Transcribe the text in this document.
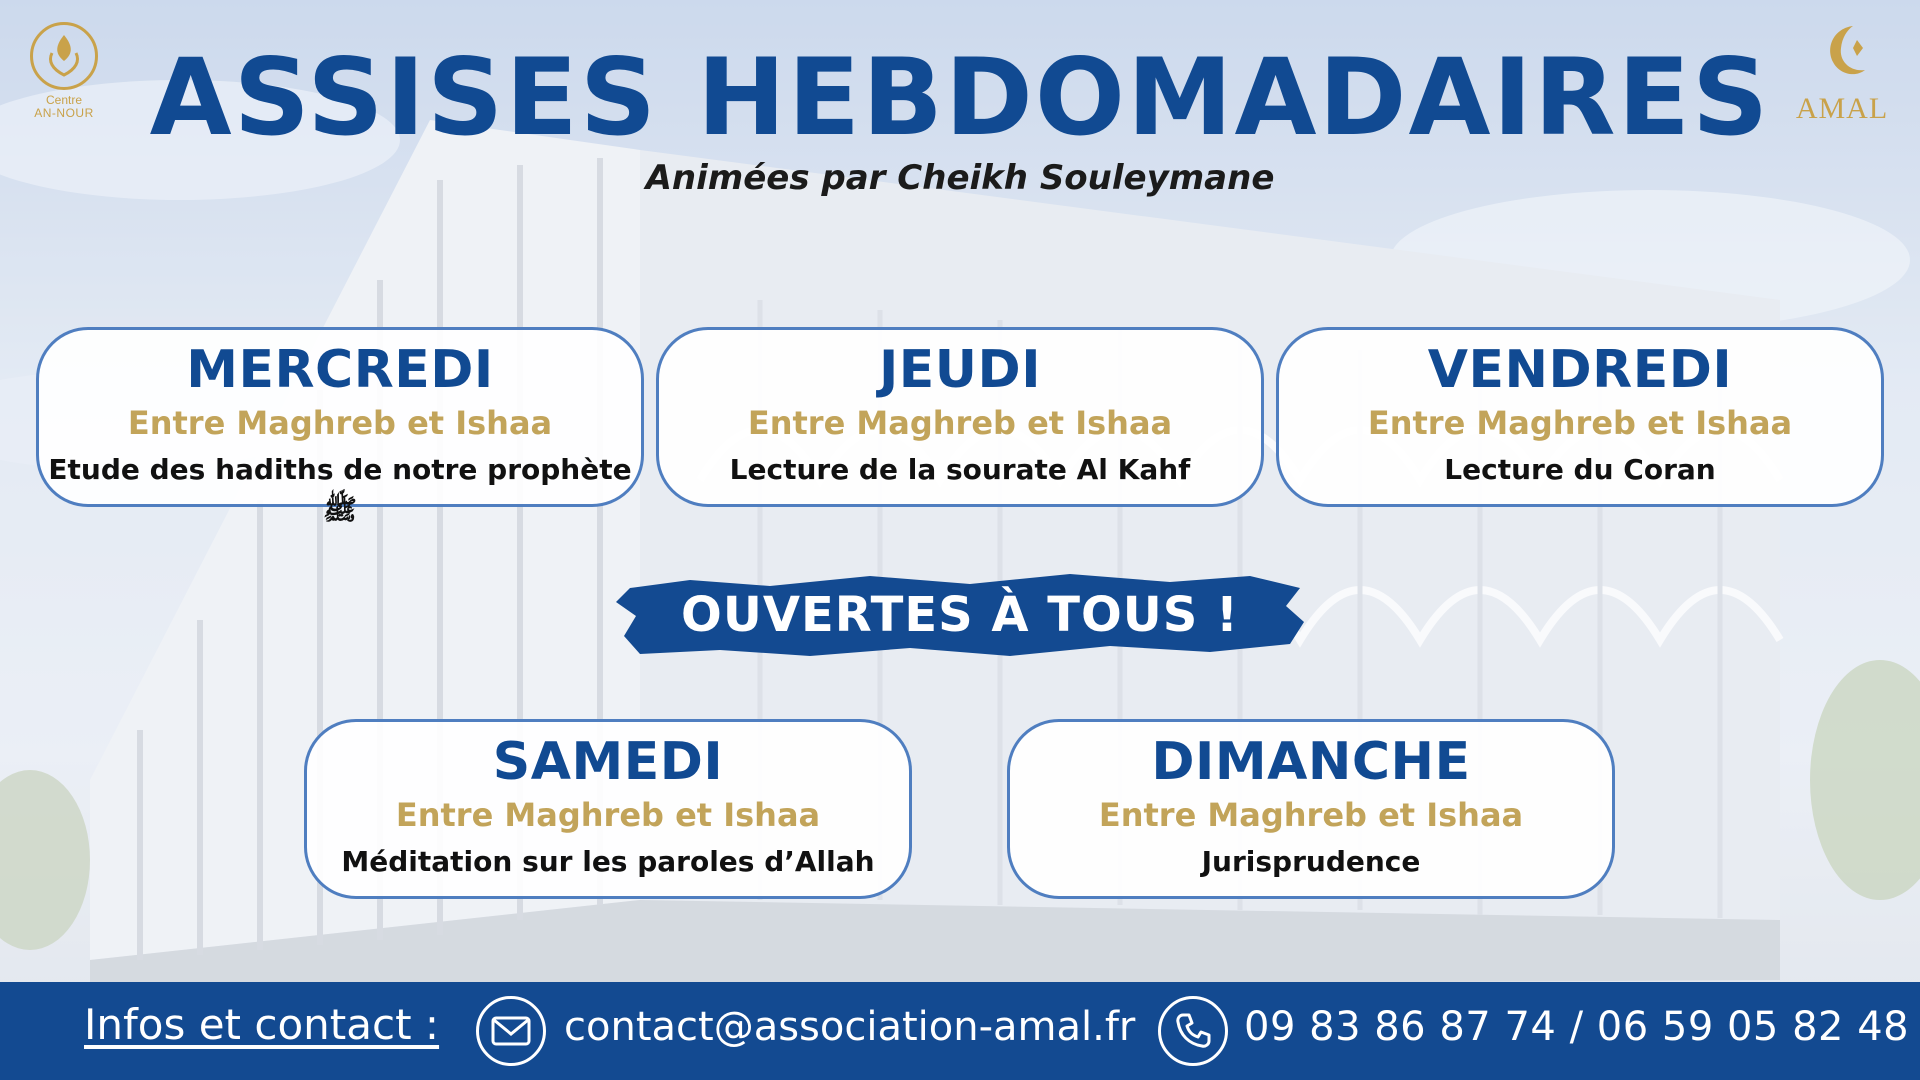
Centre
AN-NOUR	AMAL
ASSISES HEBDOMADAIRES
Animées par Cheikh Souleymane
MERCREDI
Entre Maghreb et Ishaa
Etude des hadiths de notre prophète ﷺ
JEUDI
Entre Maghreb et Ishaa
Lecture de la sourate Al Kahf
VENDREDI
Entre Maghreb et Ishaa
Lecture du Coran
OUVERTES À TOUS !
SAMEDI
Entre Maghreb et Ishaa
Méditation sur les paroles d’Allah
DIMANCHE
Entre Maghreb et Ishaa
Jurisprudence
Infos et contact :	contact@association-amal.fr	09 83 86 87 74 / 06 59 05 82 48
